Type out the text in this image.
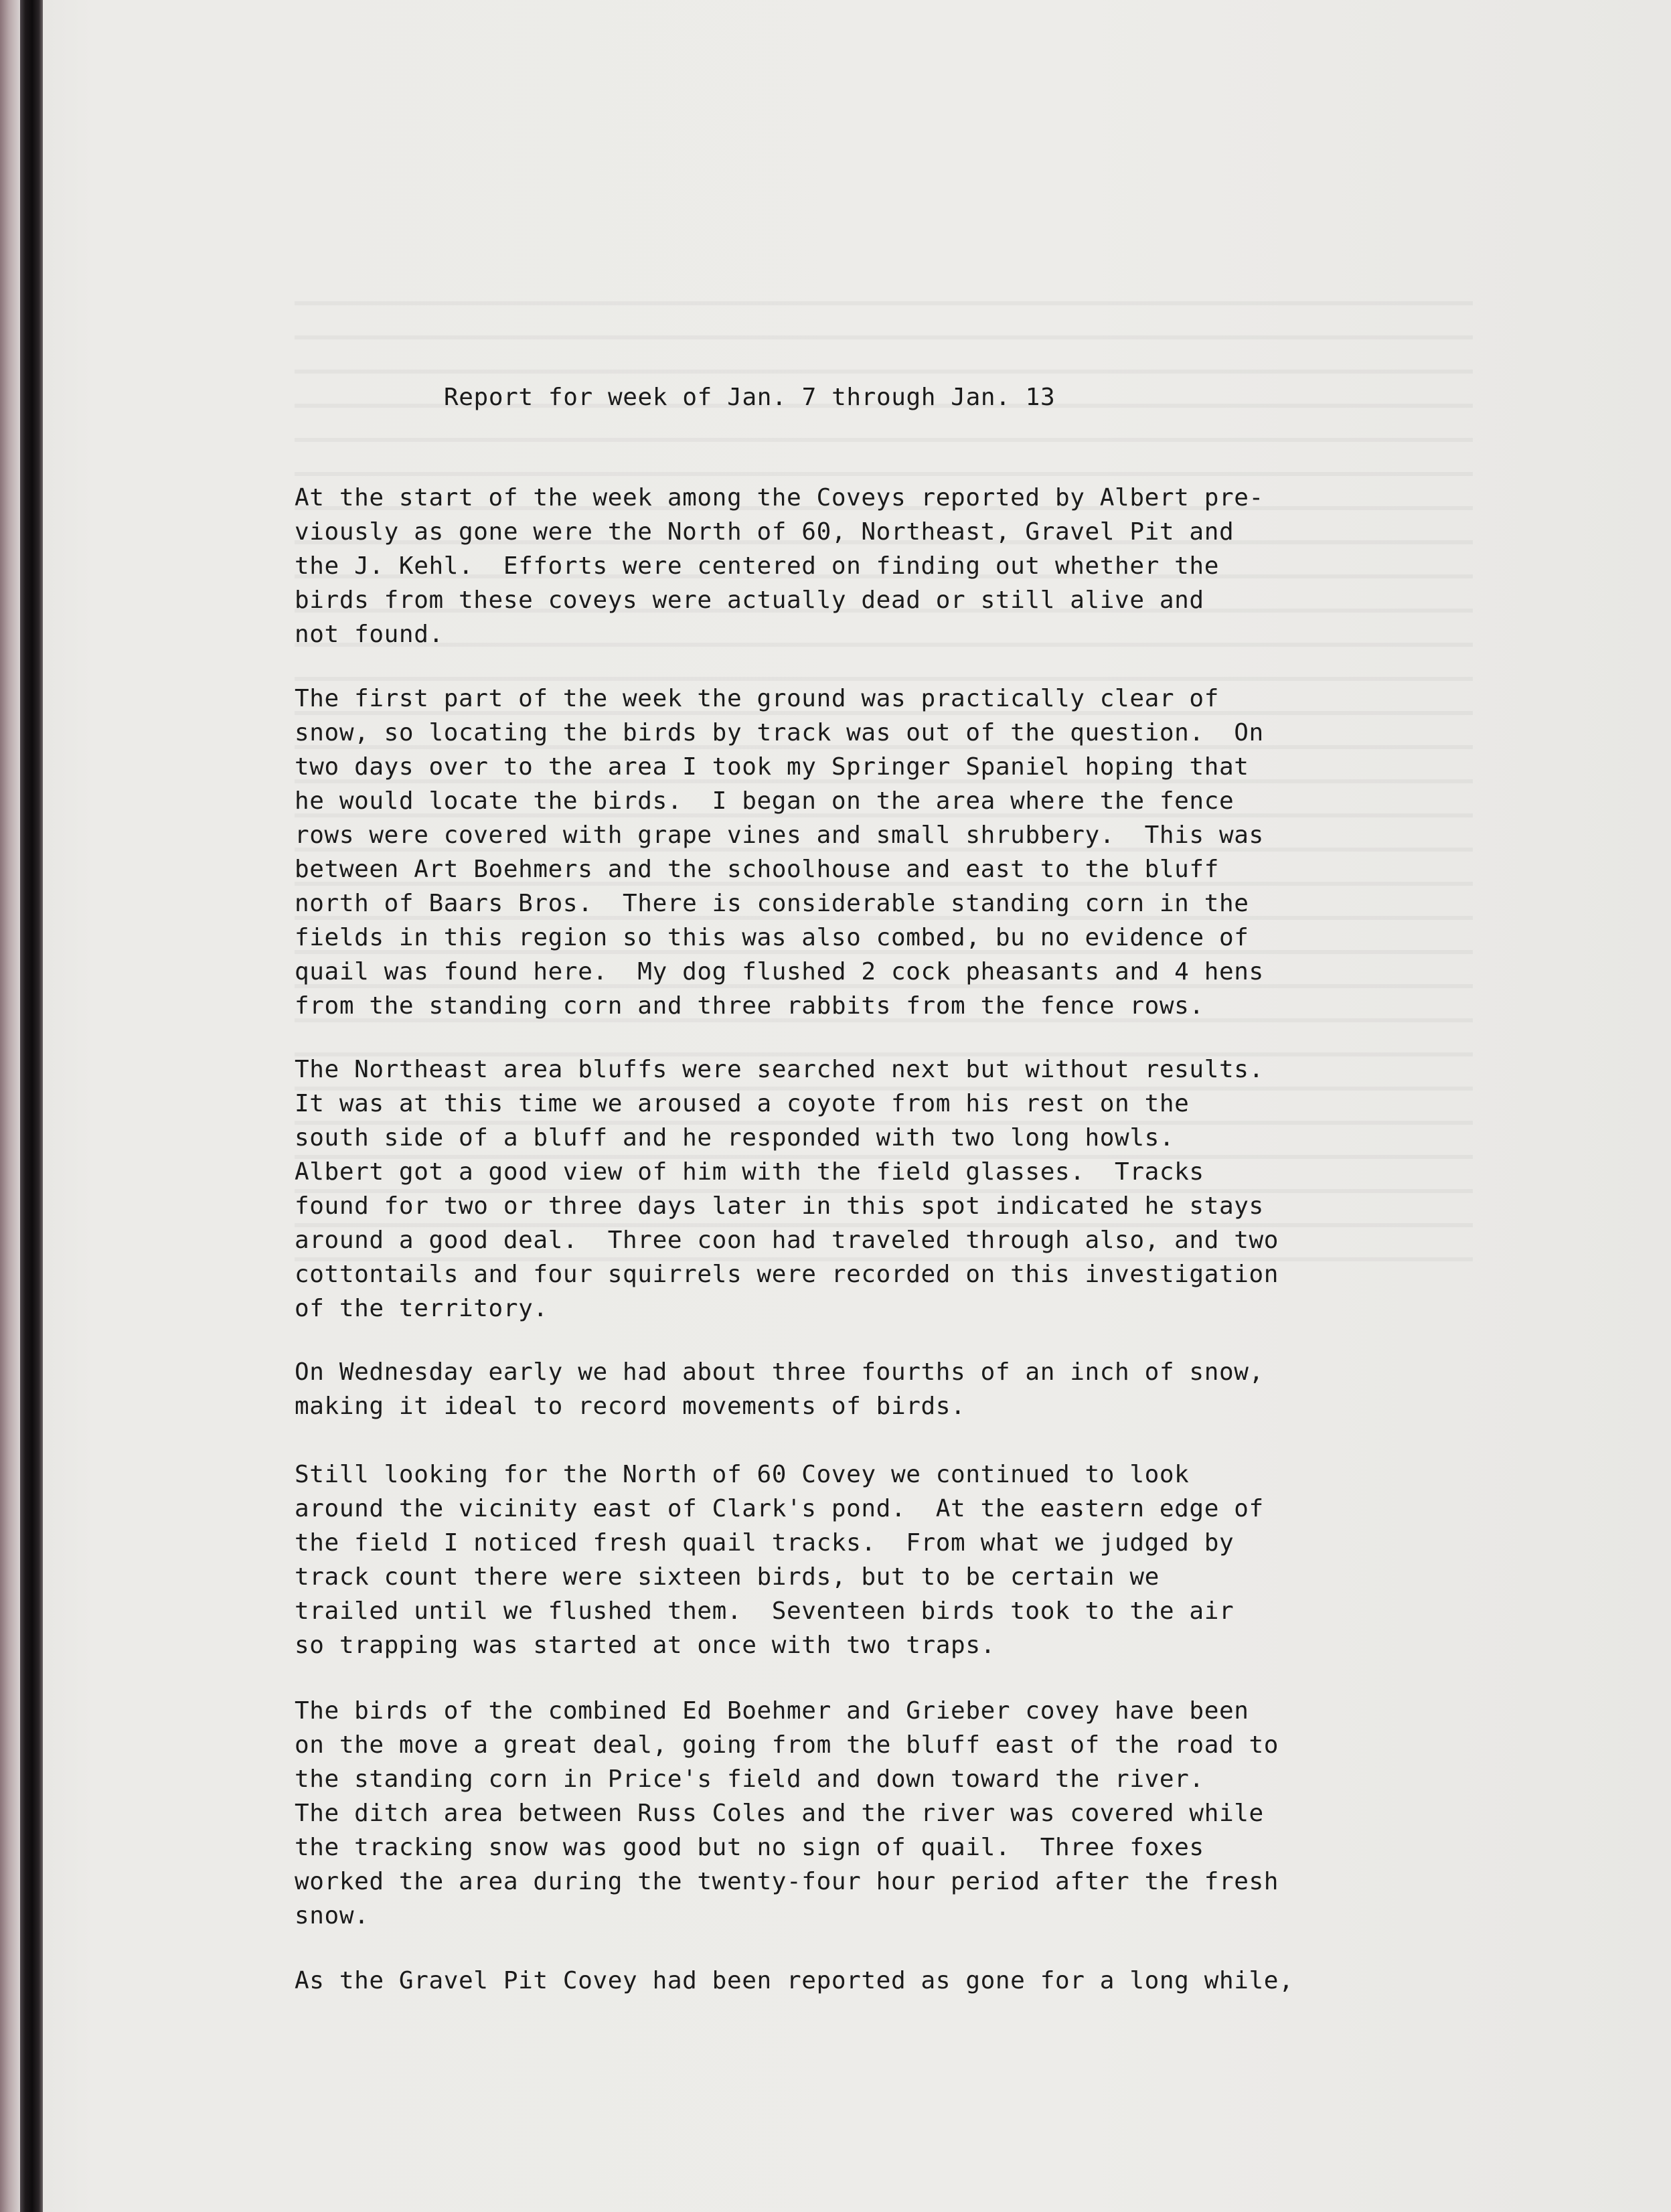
Report for week of Jan. 7 through Jan. 13
At the start of the week among the Coveys reported by Albert pre-
viously as gone were the North of 60, Northeast, Gravel Pit and
the J. Kehl.  Efforts were centered on finding out whether the
birds from these coveys were actually dead or still alive and
not found.
The first part of the week the ground was practically clear of
snow, so locating the birds by track was out of the question.  On
two days over to the area I took my Springer Spaniel hoping that
he would locate the birds.  I began on the area where the fence
rows were covered with grape vines and small shrubbery.  This was
between Art Boehmers and the schoolhouse and east to the bluff
north of Baars Bros.  There is considerable standing corn in the
fields in this region so this was also combed, bu no evidence of
quail was found here.  My dog flushed 2 cock pheasants and 4 hens
from the standing corn and three rabbits from the fence rows.
The Northeast area bluffs were searched next but without results.
It was at this time we aroused a coyote from his rest on the
south side of a bluff and he responded with two long howls.
Albert got a good view of him with the field glasses.  Tracks
found for two or three days later in this spot indicated he stays
around a good deal.  Three coon had traveled through also, and two
cottontails and four squirrels were recorded on this investigation
of the territory.
On Wednesday early we had about three fourths of an inch of snow,
making it ideal to record movements of birds.
Still looking for the North of 60 Covey we continued to look
around the vicinity east of Clark's pond.  At the eastern edge of
the field I noticed fresh quail tracks.  From what we judged by
track count there were sixteen birds, but to be certain we
trailed until we flushed them.  Seventeen birds took to the air
so trapping was started at once with two traps.
The birds of the combined Ed Boehmer and Grieber covey have been
on the move a great deal, going from the bluff east of the road to
the standing corn in Price's field and down toward the river.
The ditch area between Russ Coles and the river was covered while
the tracking snow was good but no sign of quail.  Three foxes
worked the area during the twenty-four hour period after the fresh
snow.
As the Gravel Pit Covey had been reported as gone for a long while,
